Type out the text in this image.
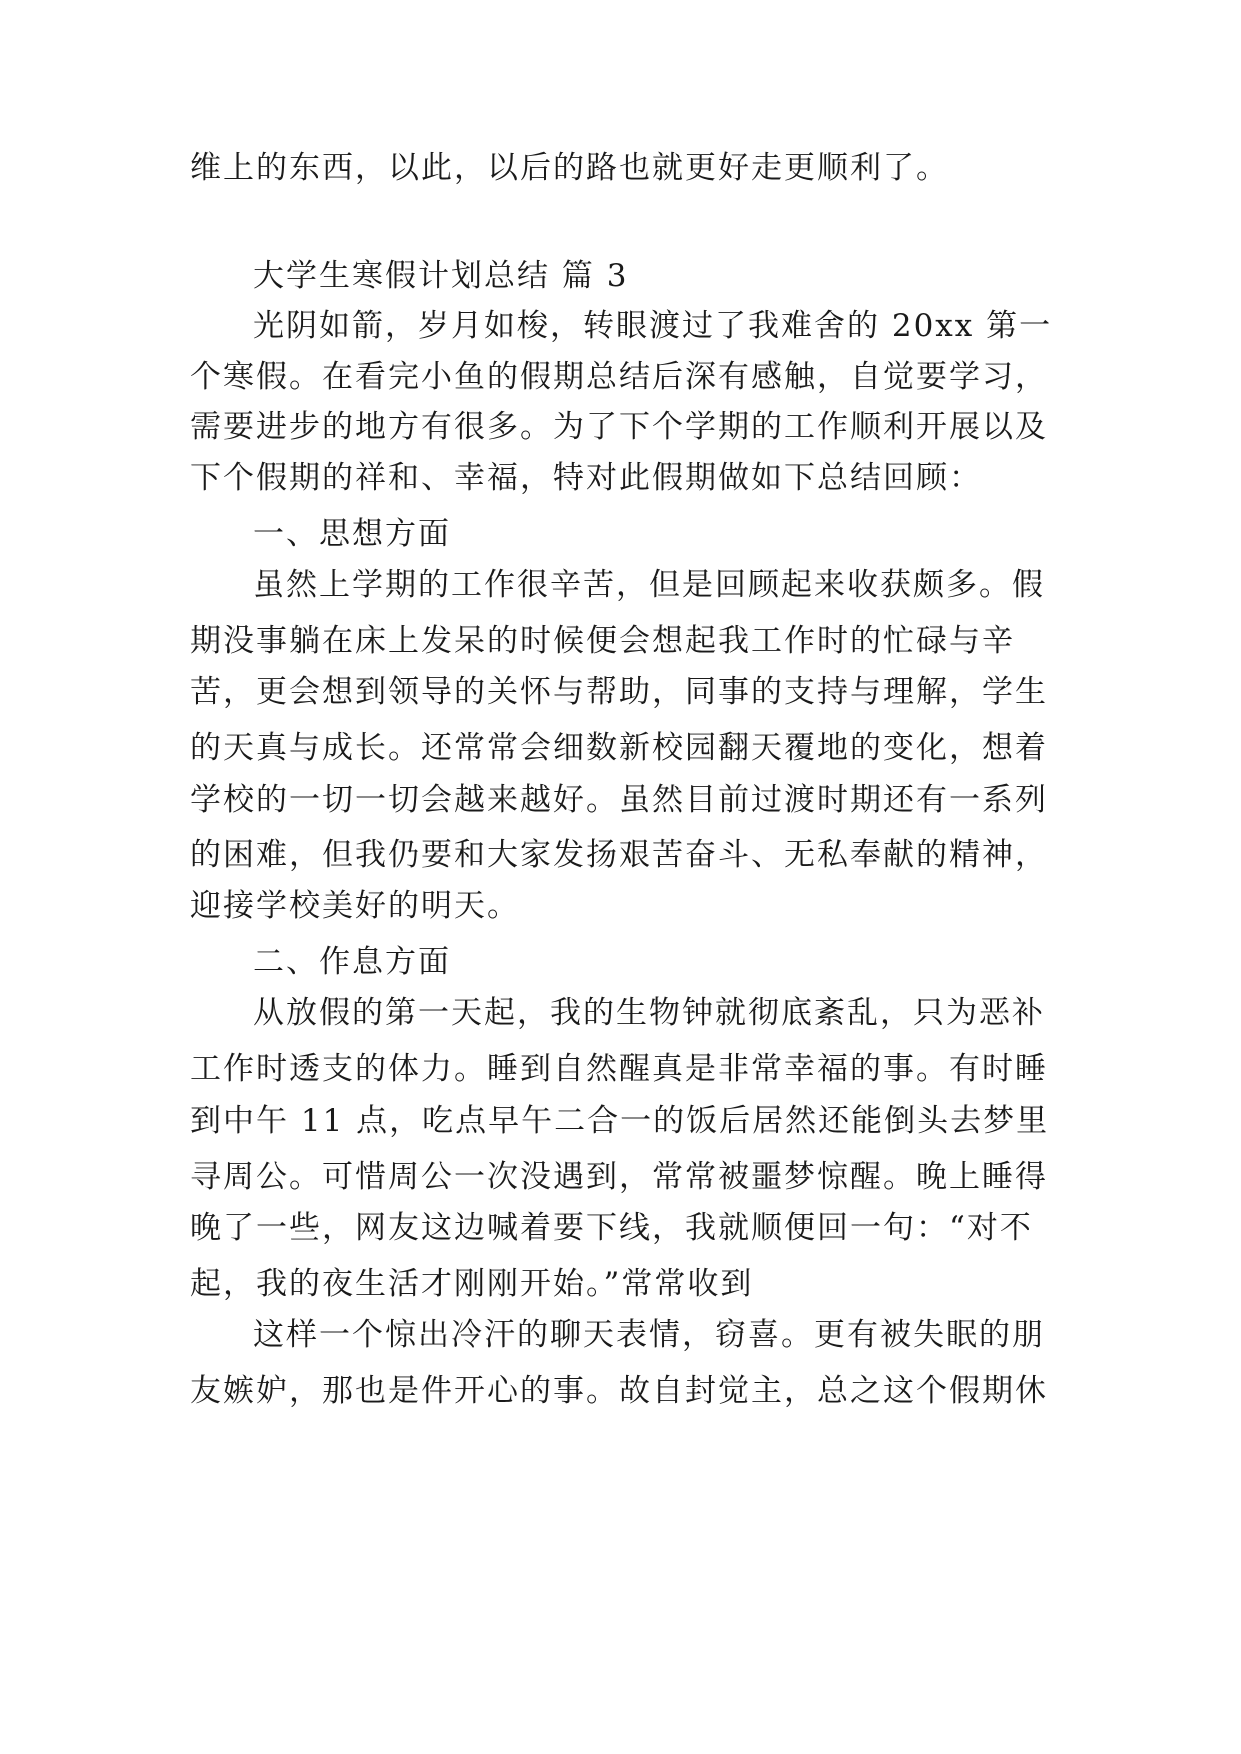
维上的东西，以此，以后的路也就更好走更顺利了。
大学生寒假计划总结 篇 3
光阴如箭，岁月如梭，转眼渡过了我难舍的 20xx 第一
个寒假。在看完小鱼的假期总结后深有感触，自觉要学习，
需要进步的地方有很多。为了下个学期的工作顺利开展以及
下个假期的祥和、幸福，特对此假期做如下总结回顾：
一、思想方面
虽然上学期的工作很辛苦，但是回顾起来收获颇多。假
期没事躺在床上发呆的时候便会想起我工作时的忙碌与辛
苦，更会想到领导的关怀与帮助，同事的支持与理解，学生
的天真与成长。还常常会细数新校园翻天覆地的变化，想着
学校的一切一切会越来越好。虽然目前过渡时期还有一系列
的困难，但我仍要和大家发扬艰苦奋斗、无私奉献的精神，
迎接学校美好的明天。
二、作息方面
从放假的第一天起，我的生物钟就彻底紊乱，只为恶补
工作时透支的体力。睡到自然醒真是非常幸福的事。有时睡
到中午 11 点，吃点早午二合一的饭后居然还能倒头去梦里
寻周公。可惜周公一次没遇到，常常被噩梦惊醒。晚上睡得
晚了一些，网友这边喊着要下线，我就顺便回一句：“对不
起，我的夜生活才刚刚开始。”常常收到
这样一个惊出冷汗的聊天表情，窃喜。更有被失眠的朋
友嫉妒，那也是件开心的事。故自封觉主，总之这个假期休
